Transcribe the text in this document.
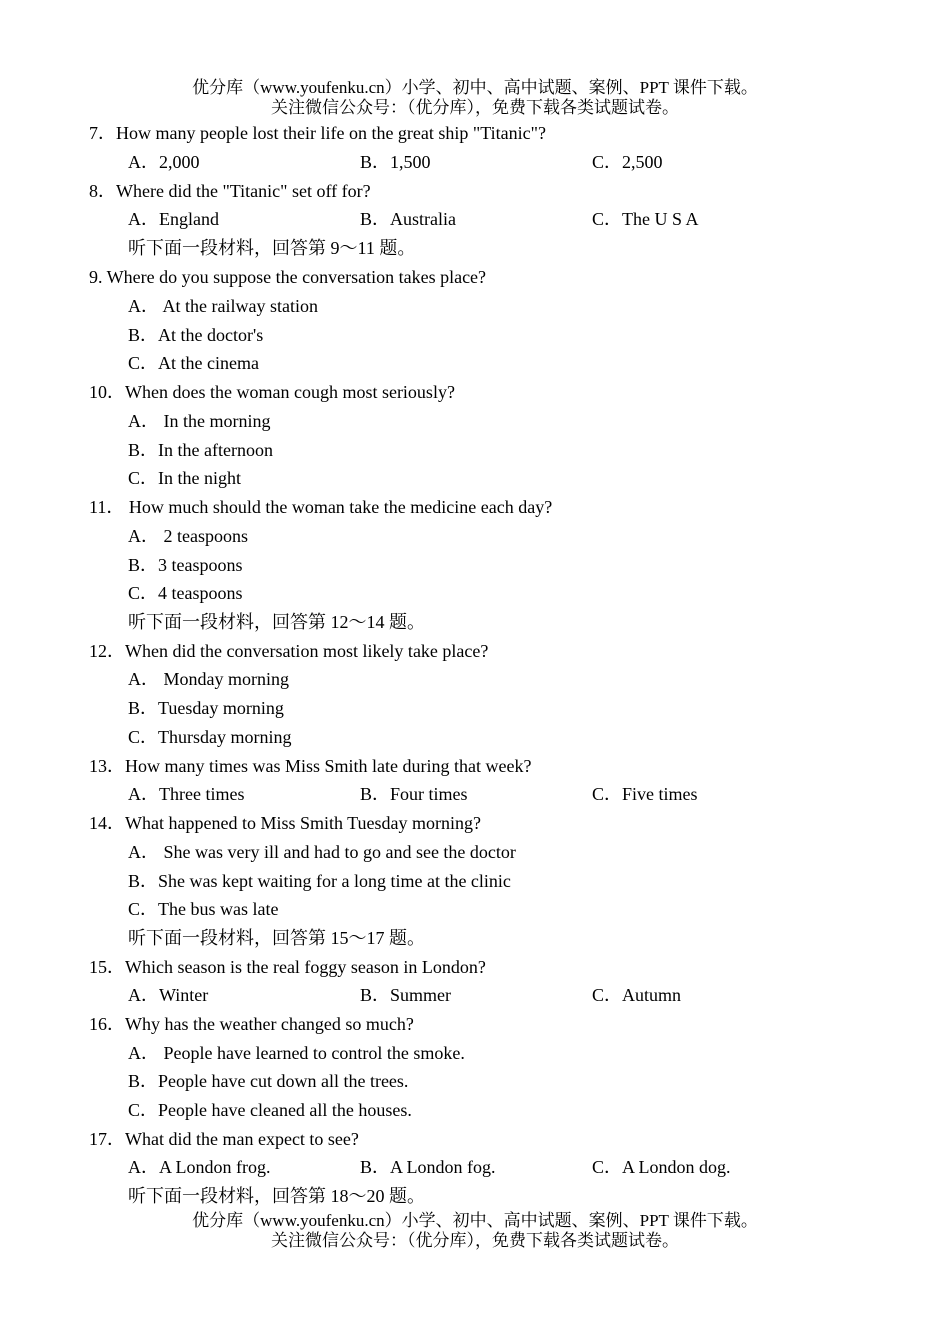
优分库（www.youfenku.cn）小学、初中、高中试题、案例、PPT 课件下载。
关注微信公众号：（优分库），免费下载各类试题试卷。
7．How many people lost their life on the great ship "Titanic"?
A．2,000	B．1,500	C．2,500
8．Where did the "Titanic" set off for?
A．England	B．Australia	C．The U S A
听下面一段材料，回答第 9～11 题。
9. Where do you suppose the conversation takes place?
A． At the railway station
B．At the doctor's
C．At the cinema
10．When does the woman cough most seriously?
A． In the morning
B．In the afternoon
C．In the night
11． How much should the woman take the medicine each day?
A． 2 teaspoons
B．3 teaspoons
C．4 teaspoons
听下面一段材料，回答第 12～14 题。
12．When did the conversation most likely take place?
A． Monday morning
B．Tuesday morning
C．Thursday morning
13．How many times was Miss Smith late during that week?
A．Three times	B．Four times	C．Five times
14．What happened to Miss Smith Tuesday morning?
A． She was very ill and had to go and see the doctor
B．She was kept waiting for a long time at the clinic
C．The bus was late
听下面一段材料，回答第 15～17 题。
15．Which season is the real foggy season in London?
A．Winter	B．Summer	C．Autumn
16．Why has the weather changed so much?
A． People have learned to control the smoke.
B．People have cut down all the trees.
C．People have cleaned all the houses.
17．What did the man expect to see?
A．A London frog.	B．A London fog.	C．A London dog.
听下面一段材料，回答第 18～20 题。
优分库（www.youfenku.cn）小学、初中、高中试题、案例、PPT 课件下载。
关注微信公众号：（优分库），免费下载各类试题试卷。
